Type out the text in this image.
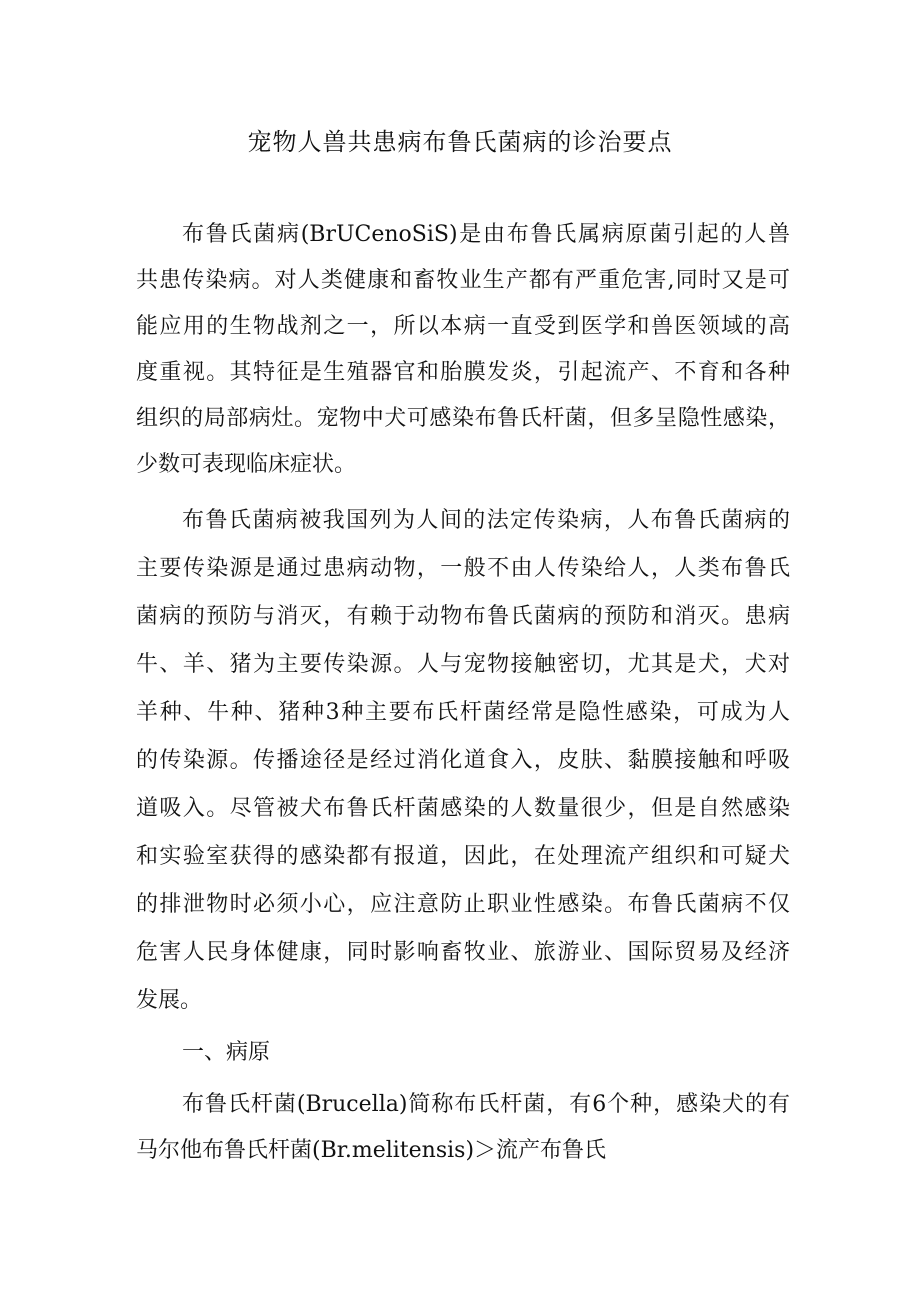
宠物人兽共患病布鲁氏菌病的诊治要点
布鲁氏菌病(BrUCenoSiS)是由布鲁氏属病原菌引起的人兽
共患传染病。对人类健康和畜牧业生产都有严重危害,同时又是可
能应用的生物战剂之一，所以本病一直受到医学和兽医领域的高
度重视。其特征是生殖器官和胎膜发炎，引起流产、不育和各种
组织的局部病灶。宠物中犬可感染布鲁氏杆菌，但多呈隐性感染，
少数可表现临床症状。
布鲁氏菌病被我国列为人间的法定传染病，人布鲁氏菌病的
主要传染源是通过患病动物，一般不由人传染给人，人类布鲁氏
菌病的预防与消灭，有赖于动物布鲁氏菌病的预防和消灭。患病
牛、羊、猪为主要传染源。人与宠物接触密切，尤其是犬，犬对
羊种、牛种、猪种3种主要布氏杆菌经常是隐性感染，可成为人
的传染源。传播途径是经过消化道食入，皮肤、黏膜接触和呼吸
道吸入。尽管被犬布鲁氏杆菌感染的人数量很少，但是自然感染
和实验室获得的感染都有报道，因此，在处理流产组织和可疑犬
的排泄物时必须小心，应注意防止职业性感染。布鲁氏菌病不仅
危害人民身体健康，同时影响畜牧业、旅游业、国际贸易及经济
发展。
一、病原
布鲁氏杆菌(Brucella)简称布氏杆菌，有6个种，感染犬的有
马尔他布鲁氏杆菌(Br.melitensis)＞流产布鲁氏
